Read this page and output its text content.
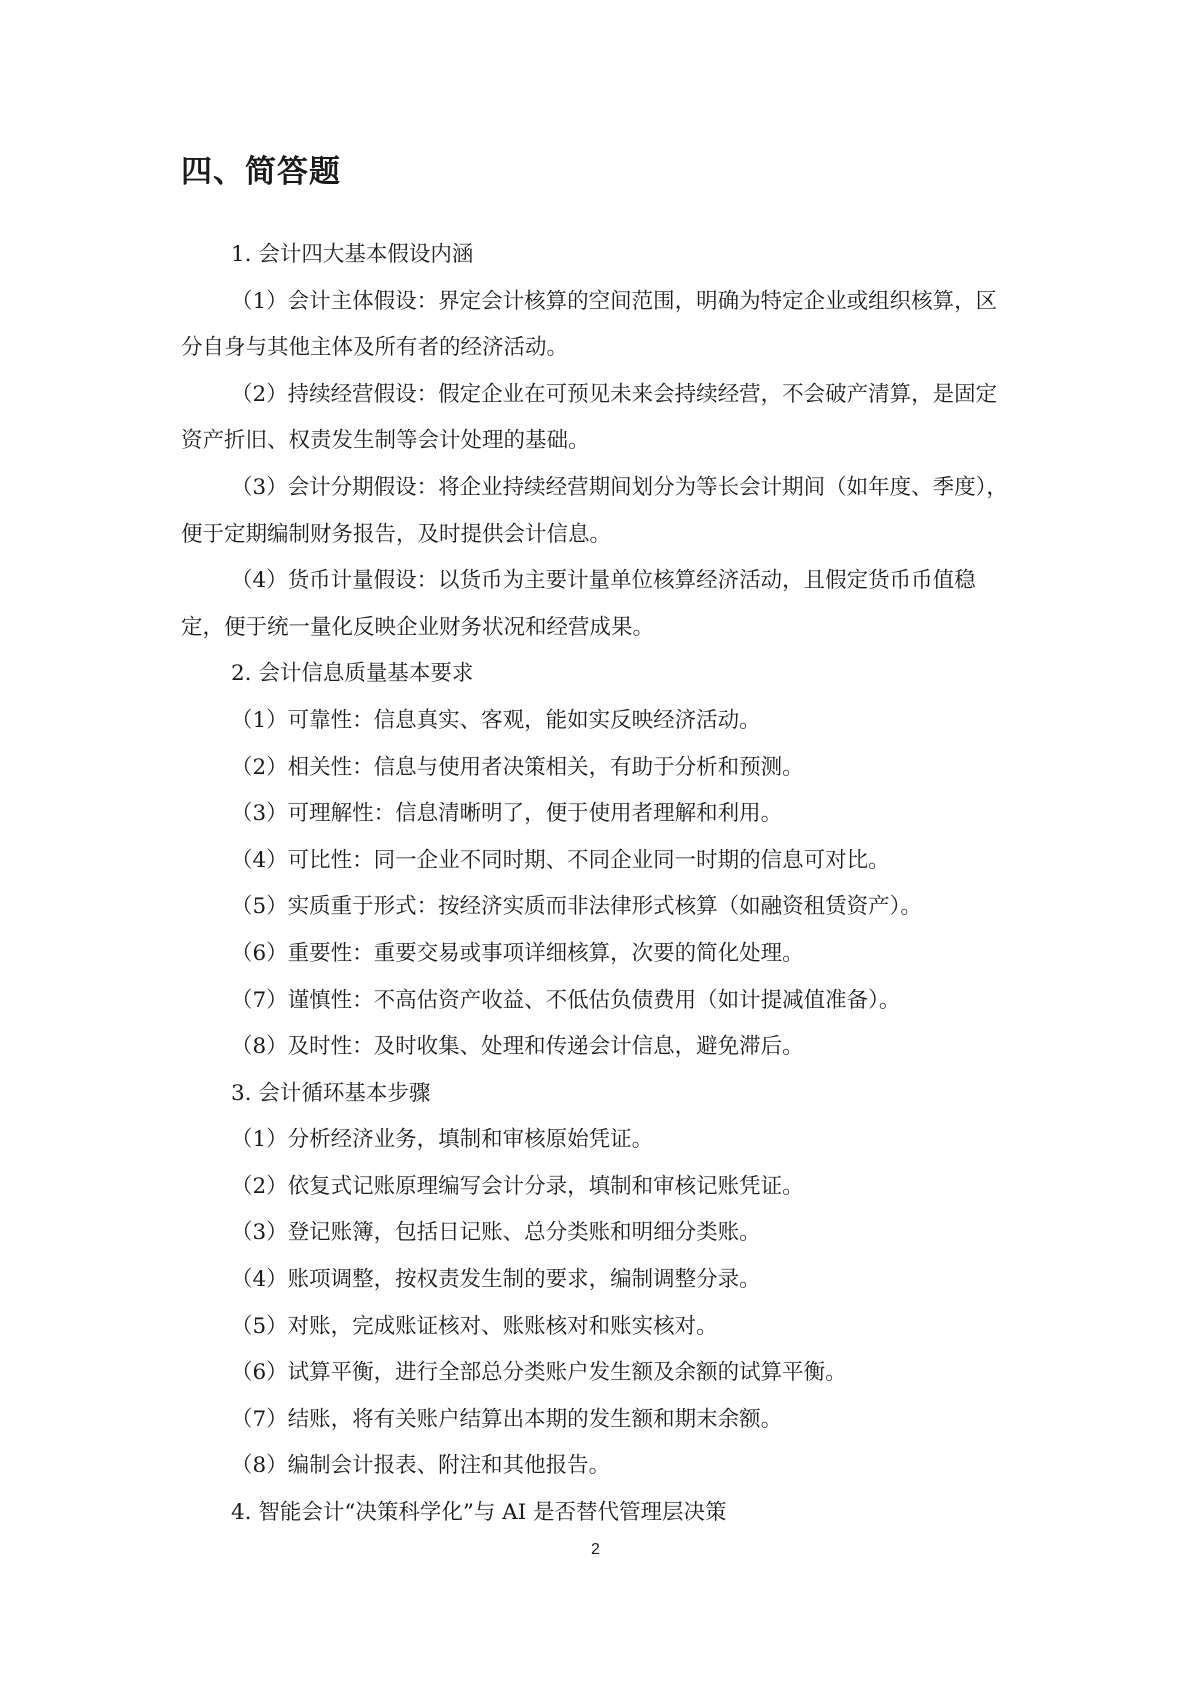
四、简答题

1. 会计四大基本假设内涵

（1）会计主体假设：界定会计核算的空间范围，明确为特定企业或组织核算，区分自身与其他主体及所有者的经济活动。

（2）持续经营假设：假定企业在可预见未来会持续经营，不会破产清算，是固定资产折旧、权责发生制等会计处理的基础。

（3）会计分期假设：将企业持续经营期间划分为等长会计期间（如年度、季度），便于定期编制财务报告，及时提供会计信息。

（4）货币计量假设：以货币为主要计量单位核算经济活动，且假定货币币值稳定，便于统一量化反映企业财务状况和经营成果。

2. 会计信息质量基本要求

（1）可靠性：信息真实、客观，能如实反映经济活动。

（2）相关性：信息与使用者决策相关，有助于分析和预测。

（3）可理解性：信息清晰明了，便于使用者理解和利用。

（4）可比性：同一企业不同时期、不同企业同一时期的信息可对比。

（5）实质重于形式：按经济实质而非法律形式核算（如融资租赁资产）。

（6）重要性：重要交易或事项详细核算，次要的简化处理。

（7）谨慎性：不高估资产收益、不低估负债费用（如计提减值准备）。

（8）及时性：及时收集、处理和传递会计信息，避免滞后。

3. 会计循环基本步骤

（1）分析经济业务，填制和审核原始凭证。

（2）依复式记账原理编写会计分录，填制和审核记账凭证。

（3）登记账簿，包括日记账、总分类账和明细分类账。

（4）账项调整，按权责发生制的要求，编制调整分录。

（5）对账，完成账证核对、账账核对和账实核对。

（6）试算平衡，进行全部总分类账户发生额及余额的试算平衡。

（7）结账，将有关账户结算出本期的发生额和期末余额。

（8）编制会计报表、附注和其他报告。

4. 智能会计“决策科学化”与 AI 是否替代管理层决策

2
